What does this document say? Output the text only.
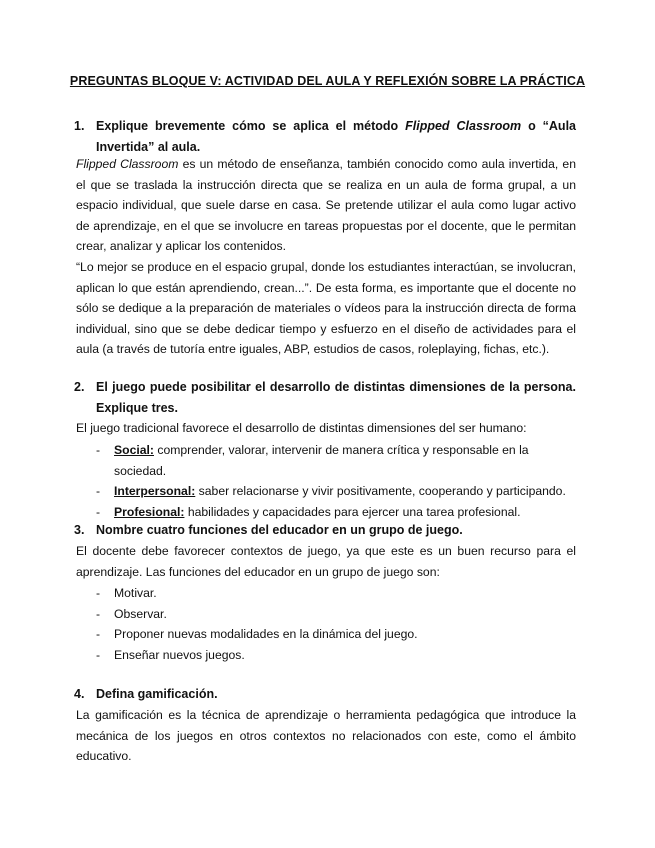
PREGUNTAS BLOQUE V: ACTIVIDAD DEL AULA Y REFLEXIÓN SOBRE LA PRÁCTICA
1. Explique brevemente cómo se aplica el método Flipped Classroom o “Aula
Invertida” al aula.
Flipped Classroom es un método de enseñanza, también conocido como aula invertida, en el que se traslada la instrucción directa que se realiza en un aula de forma grupal, a un espacio individual, que suele darse en casa. Se pretende utilizar el aula como lugar activo de aprendizaje, en el que se involucre en tareas propuestas por el docente, que le permitan crear, analizar y aplicar los contenidos.
“Lo mejor se produce en el espacio grupal, donde los estudiantes interactúan, se involucran, aplican lo que están aprendiendo, crean...”. De esta forma, es importante que el docente no sólo se dedique a la preparación de materiales o vídeos para la instrucción directa de forma individual, sino que se debe dedicar tiempo y esfuerzo en el diseño de actividades para el aula (a través de tutoría entre iguales, ABP, estudios de casos, roleplaying, fichas, etc.).
2. El juego puede posibilitar el desarrollo de distintas dimensiones de la persona.
Explique tres.
El juego tradicional favorece el desarrollo de distintas dimensiones del ser humano:
- Social: comprender, valorar, intervenir de manera crítica y responsable en la sociedad.
- Interpersonal: saber relacionarse y vivir positivamente, cooperando y participando.
- Profesional: habilidades y capacidades para ejercer una tarea profesional.
3. Nombre cuatro funciones del educador en un grupo de juego.
El docente debe favorecer contextos de juego, ya que este es un buen recurso para el aprendizaje. Las funciones del educador en un grupo de juego son:
- Motivar.
- Observar.
- Proponer nuevas modalidades en la dinámica del juego.
- Enseñar nuevos juegos.
4. Defina gamificación.
La gamificación es la técnica de aprendizaje o herramienta pedagógica que introduce la mecánica de los juegos en otros contextos no relacionados con este, como el ámbito educativo.
